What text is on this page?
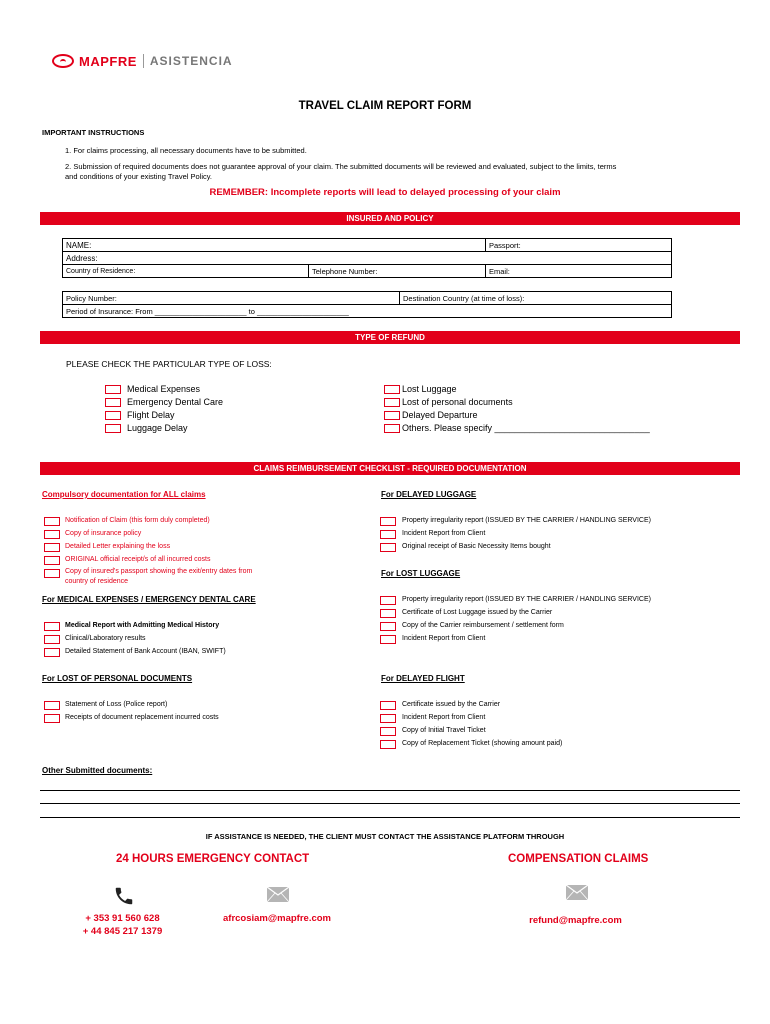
MAPFRE ASISTENCIA
TRAVEL CLAIM REPORT FORM
IMPORTANT INSTRUCTIONS
1. For claims processing, all necessary documents have to be submitted.
2. Submission of required documents does not guarantee approval of your claim. The submitted documents will be reviewed and evaluated, subject to the limits, terms and conditions of your existing Travel Policy.
REMEMBER: Incomplete reports will lead to delayed processing of your claim
INSURED AND POLICY
NAME:		Passport:
Address:		
Country of Residence:	Telephone Number:	Email:
Policy Number:	Destination Country (at time of loss):
Period of Insurance: From ______________________ to ______________________
TYPE OF REFUND
PLEASE CHECK THE PARTICULAR TYPE OF LOSS:
Medical Expenses
Emergency Dental Care
Flight Delay
Luggage Delay
Lost Luggage
Lost of personal documents
Delayed Departure
Others. Please specify _______________________________
CLAIMS REIMBURSEMENT CHECKLIST - REQUIRED DOCUMENTATION
Compulsory documentation for ALL claims
Notification of Claim (this form duly completed)
Copy of insurance policy
Detailed Letter explaining the loss
ORIGINAL official receipt/s of all incurred costs
Copy of insured's passport showing the exit/entry dates from
country of residence
For MEDICAL EXPENSES / EMERGENCY DENTAL CARE
Medical Report with Admitting Medical History
Clinical/Laboratory results
Detailed Statement of Bank Account (IBAN, SWIFT)
For LOST OF PERSONAL DOCUMENTS
Statement of Loss (Police report)
Receipts of document replacement incurred costs
For DELAYED LUGGAGE
Property irregularity report (ISSUED BY THE CARRIER / HANDLING SERVICE)
Incident Report from Client
Original receipt of Basic Necessity Items bought
For LOST LUGGAGE
Property irregularity report (ISSUED BY THE CARRIER / HANDLING SERVICE)
Certificate of Lost Luggage issued by the Carrier
Copy of the Carrier reimbursement / settlement form
Incident Report from Client
For DELAYED FLIGHT
Certificate issued by the Carrier
Incident Report from Client
Copy of Initial Travel Ticket
Copy of Replacement Ticket (showing amount paid)
Other Submitted documents:
IF ASSISTANCE IS NEEDED, THE CLIENT MUST CONTACT THE ASSISTANCE PLATFORM THROUGH
24 HOURS EMERGENCY CONTACT	COMPENSATION CLAIMS
+ 353 91 560 628
+ 44 845 217 1379
afrcosiam@mapfre.com	refund@mapfre.com
